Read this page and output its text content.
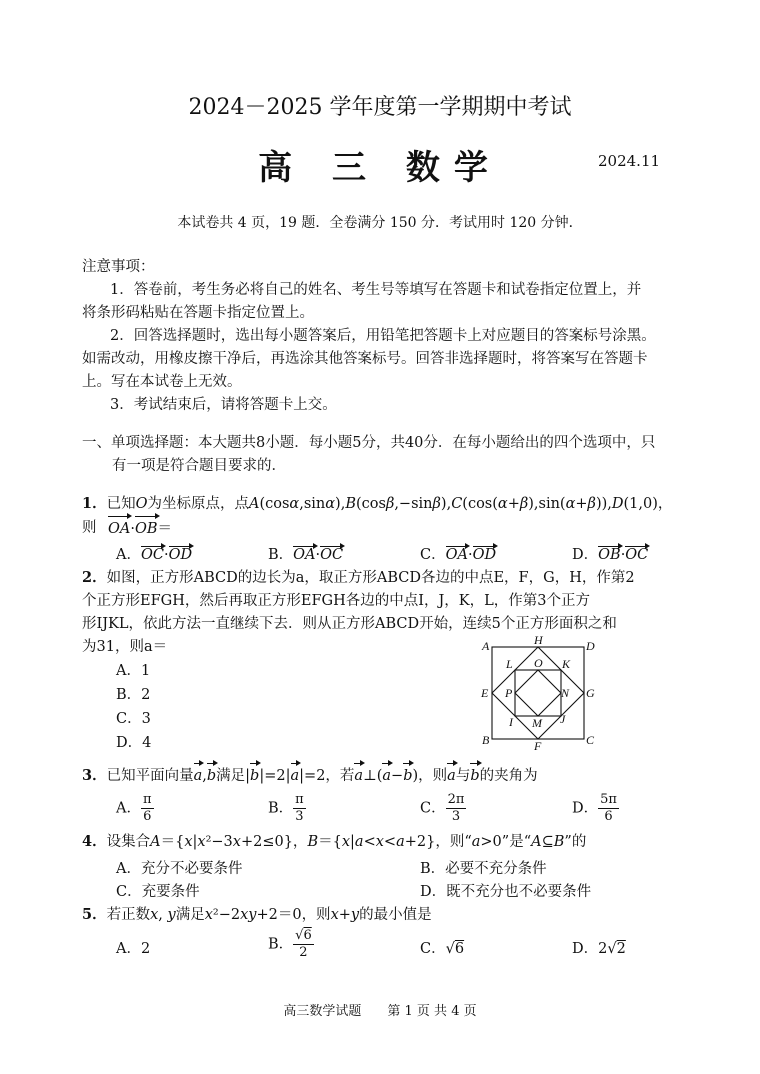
2024－2025 学年度第一学期期中考试
高 三 数学	2024.11
本试卷共 4 页，19 题．全卷满分 150 分．考试用时 120 分钟．
注意事项：
1．答卷前，考生务必将自己的姓名、考生号等填写在答题卡和试卷指定位置上，并
将条形码粘贴在答题卡指定位置上。
2．回答选择题时，选出每小题答案后，用铅笔把答题卡上对应题目的答案标号涂黑。
如需改动，用橡皮擦干净后，再选涂其他答案标号。回答非选择题时，将答案写在答题卡
上。写在本试卷上无效。
3．考试结束后，请将答题卡上交。
一、单项选择题：本大题共8小题．每小题5分，共40分．在每小题给出的四个选项中，只
有一项是符合题目要求的．
1．已知O为坐标原点，点A(cosα,sinα),B(cosβ,−sinβ),C(cos(α+β),sin(α+β)),D(1,0)，则 OA·OB＝
A．OC·OD	B．OA·OC	C．OA·OD	D．OB·OC
2．如图，正方形ABCD的边长为a，取正方形ABCD各边的中点E，F，G，H，作第2
个正方形EFGH，然后再取正方形EFGH各边的中点I，J，K，L，作第3个正方
形IJKL，依此方法一直继续下去．则从正方形ABCD开始，连续5个正方形面积之和
为31，则a＝
A．1
B．2
C．3
D．4
A	H	D
L O K
E P	N G
I M J
B	F	C
3．已知平面向量a,b满足|b|=2|a|=2，若a⊥(a−b)，则a与b的夹角为
A． $\frac{\pi}{6}$	B． $\frac{\pi}{3}$	C． $\frac{2\pi}{3}$	D． $\frac{5\pi}{6}$
4．设集合A＝{x|x²−3x+2≤0}，B＝{x|a<x<a+2}，则“a>0”是“A⊆B”的
A．充分不必要条件	B．必要不充分条件
C．充要条件	D．既不充分也不必要条件
5．若正数x, y满足x²−2xy+2＝0，则x+y的最小值是
A．2	B． $\frac{√6}{2}$	C．√6	D．2√2
高三数学试题　　第 1 页 共 4 页
